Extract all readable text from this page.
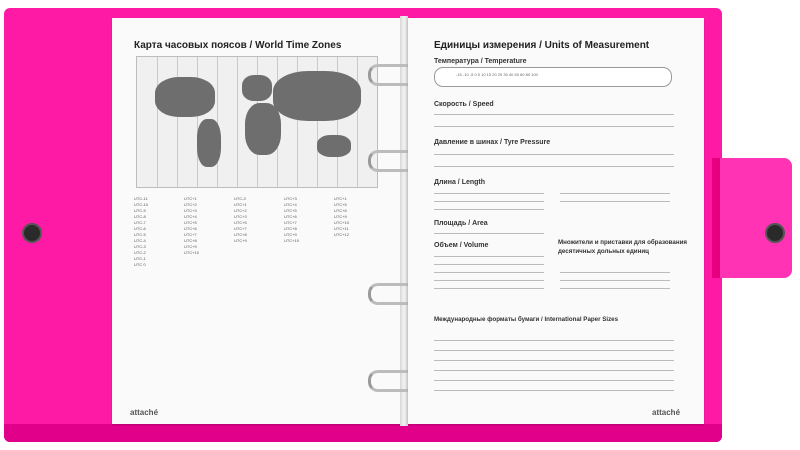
Карта часовых поясов / World Time Zones
UTC-11
UTC-10
UTC-9
UTC-8
UTC-7
UTC-6
UTC-5
UTC-4
UTC-3
UTC-2
UTC-1
UTC 0
UTC+1
UTC+2
UTC+3
UTC+4
UTC+5
UTC+6
UTC+7
UTC+8
UTC+9
UTC+10
UTC-3
UTC+1
UTC+2
UTC+3
UTC+5
UTC+7
UTC+8
UTC+9
UTC+3
UTC+4
UTC+5
UTC+6
UTC+7
UTC+8
UTC+9
UTC+10
UTC+1
UTC+5
UTC+6
UTC+9
UTC+10
UTC+11
UTC+12
attaché
Единицы измерения / Units of Measurement
Температура / Temperature
-15 -10 -5 0 5 10 15 20 25 30 40 50 60 80 100
Скорость / Speed
Давление в шинах / Tyre Pressure
Длина / Length
Площадь / Area
Объем / Volume	Множители и приставки для образования десятичных дольных единиц
Международные форматы бумаги / International Paper Sizes
attaché
